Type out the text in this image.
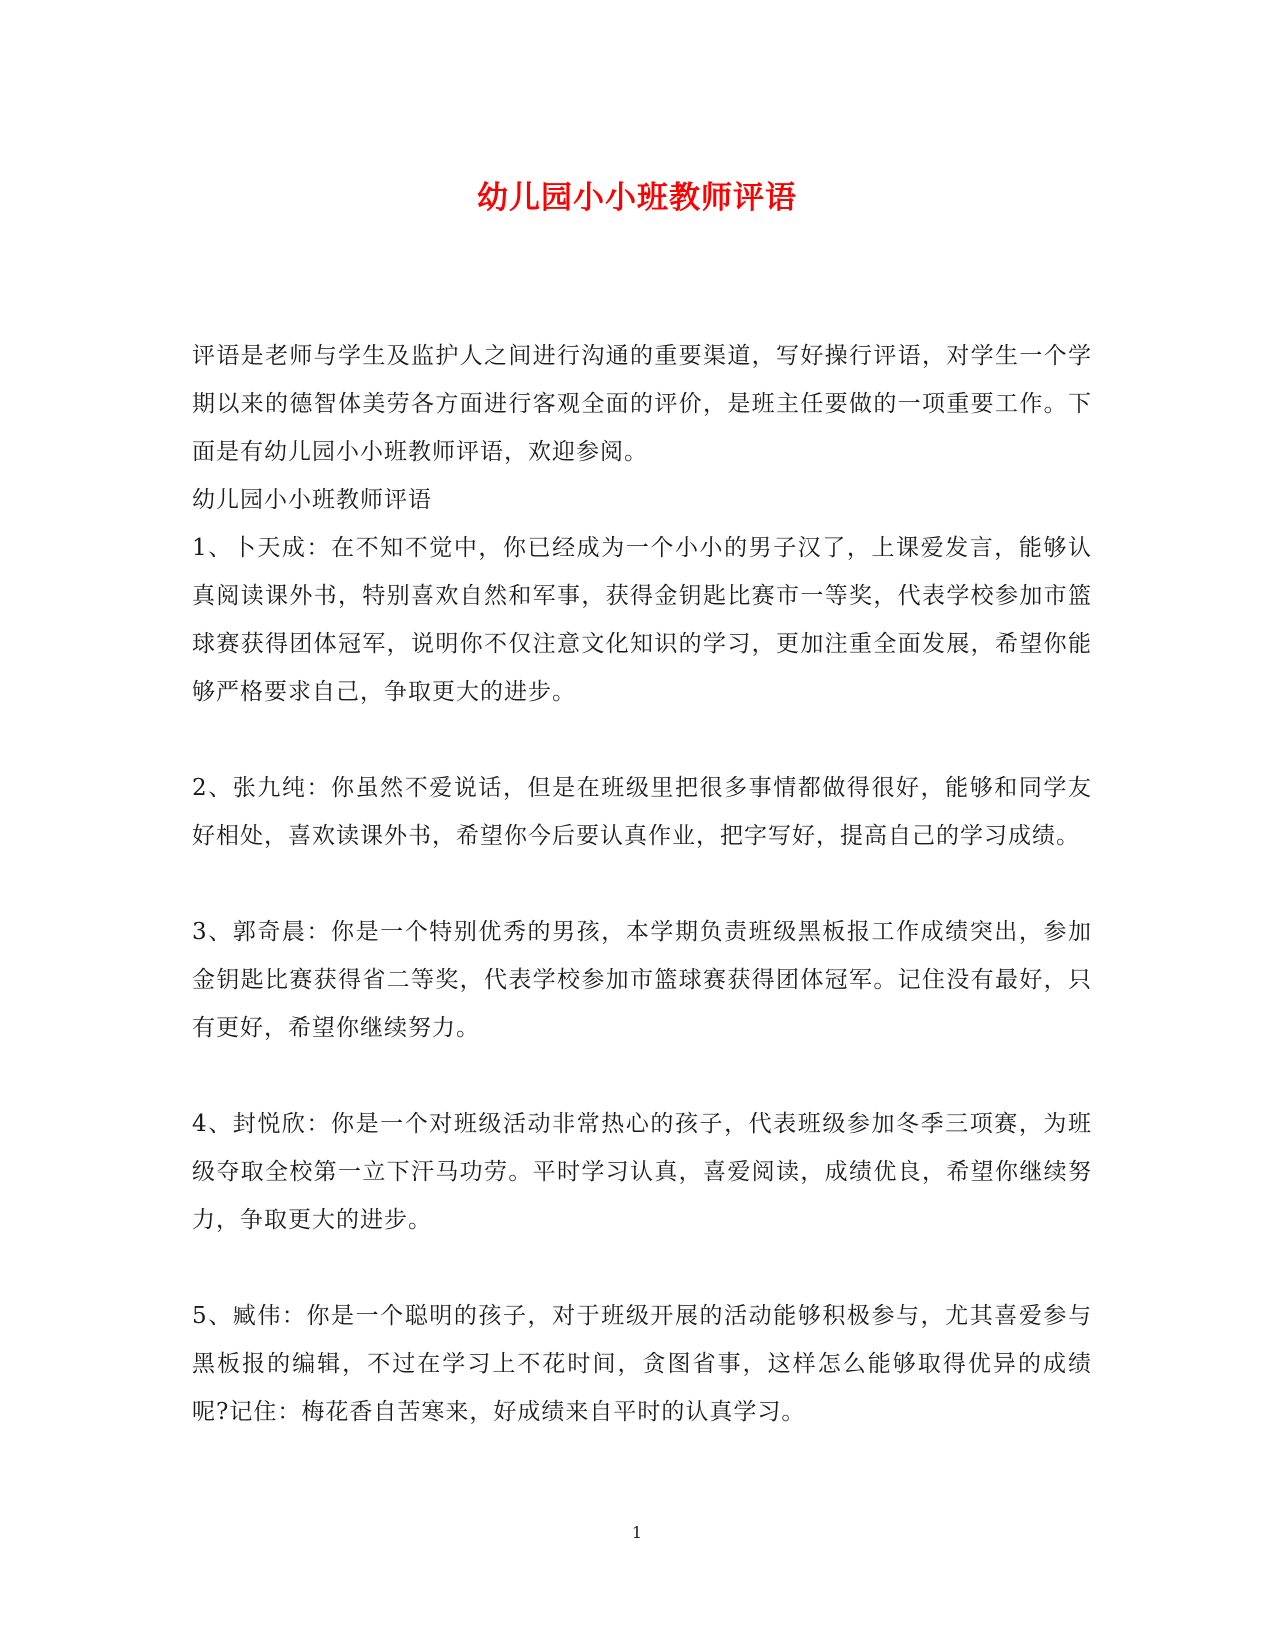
幼儿园小小班教师评语

评语是老师与学生及监护人之间进行沟通的重要渠道，写好操行评语，对学生一个学期以来的德智体美劳各方面进行客观全面的评价，是班主任要做的一项重要工作。下面是有幼儿园小小班教师评语，欢迎参阅。

幼儿园小小班教师评语

1、卜天成：在不知不觉中，你已经成为一个小小的男子汉了，上课爱发言，能够认真阅读课外书，特别喜欢自然和军事，获得金钥匙比赛市一等奖，代表学校参加市篮球赛获得团体冠军，说明你不仅注意文化知识的学习，更加注重全面发展，希望你能够严格要求自己，争取更大的进步。

2、张九纯：你虽然不爱说话，但是在班级里把很多事情都做得很好，能够和同学友好相处，喜欢读课外书，希望你今后要认真作业，把字写好，提高自己的学习成绩。

3、郭奇晨：你是一个特别优秀的男孩，本学期负责班级黑板报工作成绩突出，参加金钥匙比赛获得省二等奖，代表学校参加市篮球赛获得团体冠军。记住没有最好，只有更好，希望你继续努力。

4、封悦欣：你是一个对班级活动非常热心的孩子，代表班级参加冬季三项赛，为班级夺取全校第一立下汗马功劳。平时学习认真，喜爱阅读，成绩优良，希望你继续努力，争取更大的进步。

5、臧伟：你是一个聪明的孩子，对于班级开展的活动能够积极参与，尤其喜爱参与黑板报的编辑，不过在学习上不花时间，贪图省事，这样怎么能够取得优异的成绩呢?记住：梅花香自苦寒来，好成绩来自平时的认真学习。

1
